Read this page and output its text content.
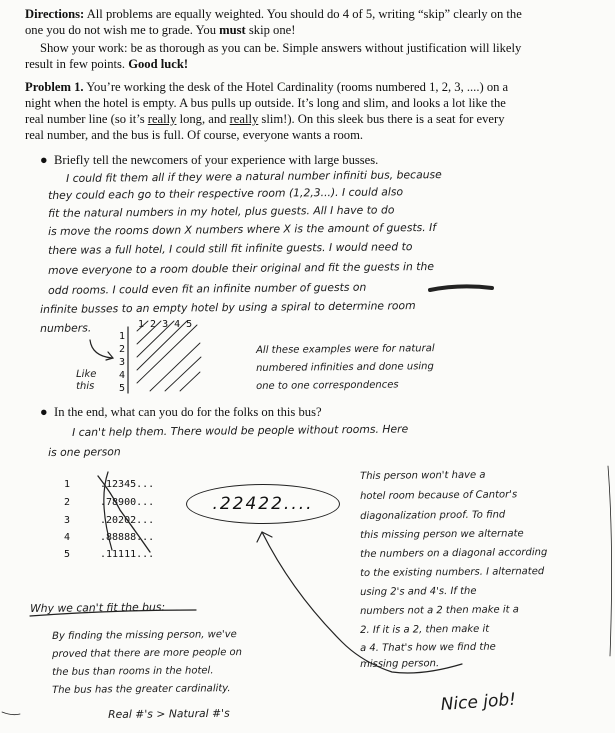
Directions: All problems are equally weighted. You should do 4 of 5, writing “skip” clearly on the

one you do not wish me to grade. You must skip one!

Show your work: be as thorough as you can be. Simple answers without justification will likely

result in few points. Good luck!

Problem 1. You’re working the desk of the Hotel Cardinality (rooms numbered 1, 2, 3, ....) on a

night when the hotel is empty. A bus pulls up outside. It’s long and slim, and looks a lot like the

real number line (so it’s really long, and really slim!). On this sleek bus there is a seat for every

real number, and the bus is full. Of course, everyone wants a room.

● Briefly tell the newcomers of your experience with large busses.

I could fit them all if they were a natural number infiniti bus, because
they could each go to their respective room (1,2,3...). I could also
fit the natural numbers in my hotel, plus guests. All I have to do
is move the rooms down X numbers where X is the amount of guests. If
there was a full hotel, I could still fit infinite guests. I would need to
move everyone to a room double their original and fit the guests in the
odd rooms. I could even fit an infinite number of guests on
infinite busses to an empty hotel by using a spiral to determine room
numbers.	1 2 3 4 5
1
2
3
4
5
Like
this
All these examples were for natural
numbered infinities and done using
one to one correspondences
● In the end, what can you do for the folks on this bus?

I can't help them. There would be people without rooms. Here
is one person
1
2
3
4
5
.12345...
.78900...
.20202...
.88888...
.11111...
.22422....
This person won't have a
hotel room because of Cantor's
diagonalization proof. To find
this missing person we alternate
the numbers on a diagonal according
to the existing numbers. I alternated
using 2's and 4's. If the
numbers not a 2 then make it a
2. If it is a 2, then make it
a 4. That's how we find the
missing person.
Why we can't fit the bus:
By finding the missing person, we've
proved that there are more people on
the bus than rooms in the hotel.
The bus has the greater cardinality.
Real #'s > Natural #'s	Nice job!
